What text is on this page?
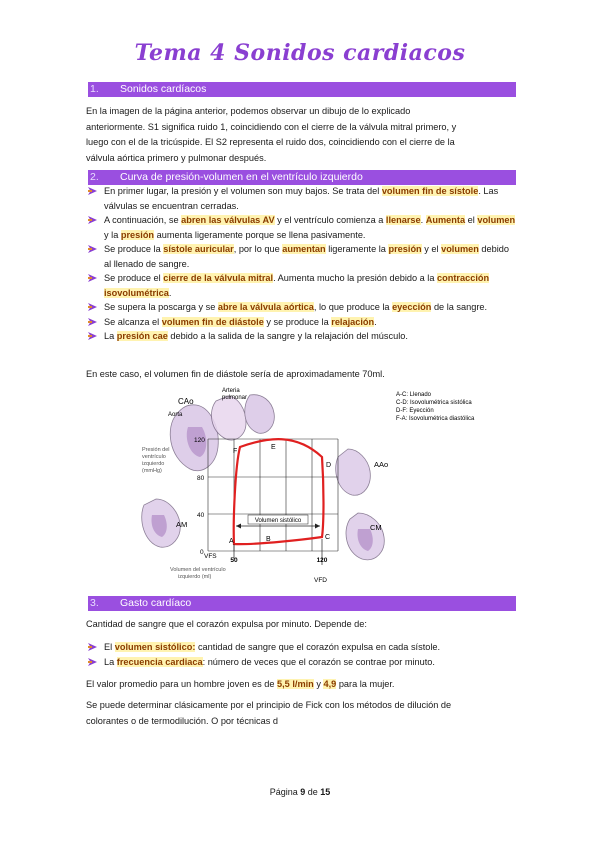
Tema 4 Sonidos cardiacos
1. Sonidos cardíacos
En la imagen de la página anterior, podemos observar un dibujo de lo explicado
anteriormente. S1 significa ruido 1, coincidiendo con el cierre de la válvula mitral primero, y
luego con el de la tricúspide. El S2 representa el ruido dos, coincidiendo con el cierre de la
válvula aórtica primero y pulmonar después.
2. Curva de presión-volumen en el ventrículo izquierdo
En primer lugar, la presión y el volumen son muy bajos. Se trata del volumen fin de sístole. Las válvulas se encuentran cerradas.
A continuación, se abren las válvulas AV y el ventrículo comienza a llenarse. Aumenta el volumen y la presión aumenta ligeramente porque se llena pasivamente.
Se produce la sístole auricular, por lo que aumentan ligeramente la presión y el volumen debido al llenado de sangre.
Se produce el cierre de la válvula mitral. Aumenta mucho la presión debido a la contracción isovolumétrica.
Se supera la poscarga y se abre la válvula aórtica, lo que produce la eyección de la sangre.
Se alcanza el volumen fin de diástole y se produce la relajación.
La presión cae debido a la salida de la sangre y la relajación del músculo.
En este caso, el volumen fin de diástole sería de aproximadamente 70ml.
CAo
Aorta
Arteria
pulmonar
Presión del
ventrículo
izquierdo
(mmHg)
120
80
40
0
Volumen sistólico
A	B	C
D
E
F
AAo
AM	CM
50	120
VFS
VFD
Volumen del ventrículo
izquierdo (ml)
A-C: Llenado
C-D: Isovolumétrica sistólica
D-F: Eyección
F-A: Isovolumétrica diastólica
3. Gasto cardíaco
Cantidad de sangre que el corazón expulsa por minuto. Depende de:
El volumen sistólico: cantidad de sangre que el corazón expulsa en cada sístole.
La frecuencia cardiaca: número de veces que el corazón se contrae por minuto.
El valor promedio para un hombre joven es de 5,5 l/min y 4,9 para la mujer.
Se puede determinar clásicamente por el principio de Fick con los métodos de dilución de
colorantes o de termodilución. O por técnicas d
Página 9 de 15
